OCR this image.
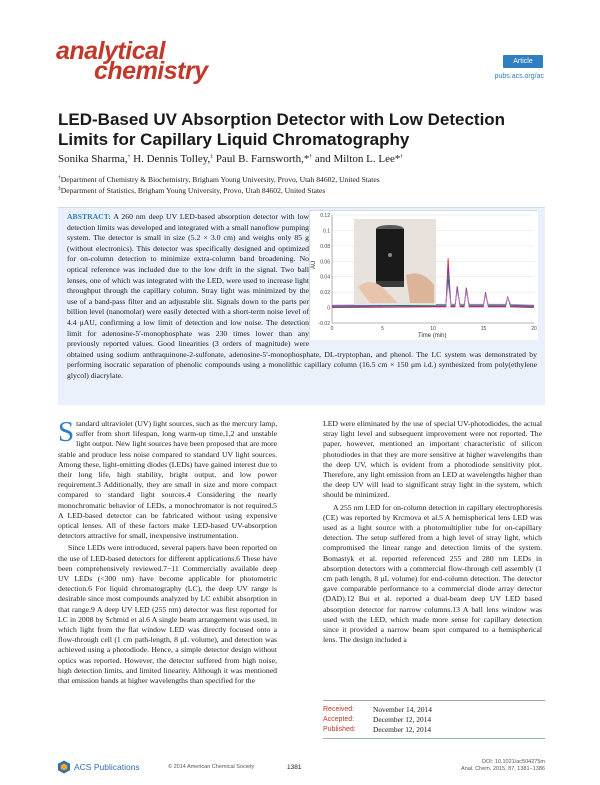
analytical
chemistry	Article
pubs.acs.org/ac
LED-Based UV Absorption Detector with Low Detection Limits for Capillary Liquid Chromatography
Sonika Sharma,† H. Dennis Tolley,‡ Paul B. Farnsworth,*† and Milton L. Lee*†
†Department of Chemistry & Biochemistry, Brigham Young University, Provo, Utah 84602, United States
‡Department of Statistics, Brigham Young University, Provo, Utah 84602, United States
ABSTRACT: A 260 nm deep UV LED-based absorption detector with low detection limits was developed and integrated with a small nanoflow pumping system. The detector is small in size (5.2 × 3.0 cm) and weighs only 85 g (without electronics). This detector was specifically designed and optimized for on-column detection to minimize extra-column band broadening. No optical reference was included due to the low drift in the signal. Two ball lenses, one of which was integrated with the LED, were used to increase light throughput through the capillary column. Stray light was minimized by the use of a band-pass filter and an adjustable slit. Signals down to the parts per billion level (nanomolar) were easily detected with a short-term noise level of 4.4 μAU, confirming a low limit of detection and low noise. The detection limit for adenosine-5′-monophosphate was 230 times lower than any previously reported values. Good linearities (3 orders of magnitude) were obtained using sodium anthraquinone-2-sulfonate, adenosine-5′-monophosphate, DL-tryptophan, and phenol. The LC system was demonstrated by performing isocratic separation of phenolic compounds using a monolithic capillary column (16.5 cm × 150 μm i.d.) synthesized from poly(ethylene glycol) diacrylate.
0.12
0.1
0.08
0.06
0.04
0.02
0
-0.02
0	5	10	15	20
AU
Time (min)

Standard ultraviolet (UV) light sources, such as the mercury lamp, suffer from short lifespan, long warm-up time,1,2 and unstable light output. New light sources have been proposed that are more stable and produce less noise compared to standard UV light sources. Among these, light-emitting diodes (LEDs) have gained interest due to their long life, high stability, bright output, and low power requirement.3 Additionally, they are small in size and more compact compared to standard light sources.4 Considering the nearly monochromatic behavior of LEDs, a monochromator is not required.5 A LED-based detector can be fabricated without using expensive optical lenses. All of these factors make LED-based UV-absorption detectors attractive for small, inexpensive instrumentation.

Since LEDs were introduced, several papers have been reported on the use of LED-based detectors for different applications.6 These have been comprehensively reviewed.7−11 Commercially available deep UV LEDs (<300 nm) have become applicable for photometric detection.6 For liquid chromatography (LC), the deep UV range is desirable since most compounds analyzed by LC exhibit absorption in that range.9 A deep UV LED (255 nm) detector was first reported for LC in 2008 by Schmid et al.6 A single beam arrangement was used, in which light from the flat window LED was directly focused onto a flow-through cell (1 cm path-length, 8 μL volume), and detection was achieved using a photodiode. Hence, a simple detector design without optics was reported. However, the detector suffered from high noise, high detection limits, and limited linearity. Although it was mentioned that emission bands at higher wavelengths than specified for the

LED were eliminated by the use of special UV-photodiodes, the actual stray light level and subsequent improvement were not reported. The paper, however, mentioned an important characteristic of silicon photodiodes in that they are more sensitive at higher wavelengths than the deep UV, which is evident from a photodiode sensitivity plot. Therefore, any light emission from an LED at wavelengths higher than the deep UV will lead to significant stray light in the system, which should be minimized.

A 255 nm LED for on-column detection in capillary electrophoresis (CE) was reported by Krcmova et al.5 A hemispherical lens LED was used as a light source with a photomultiplier tube for on-capillary detection. The setup suffered from a high level of stray light, which compromised the linear range and detection limits of the system. Bomastyk et al. reported referenced 255 and 280 nm LEDs in absorption detectors with a commercial flow-through cell assembly (1 cm path length, 8 μL volume) for end-column detection. The detector gave comparable performance to a commercial diode array detector (DAD).12 Bui et al. reported a dual-beam deep UV LED based absorption detector for narrow columns.13 A ball lens window was used with the LED, which made more sense for capillary detection since it provided a narrow beam spot compared to a hemispherical lens. The design included a

Received:	November 14, 2014
Accepted:	December 12, 2014
Published:	December 12, 2014
ACS Publications	© 2014 American Chemical Society	1381
DOI: 10.1021/ac504275m
Anal. Chem. 2015, 87, 1381−1386
